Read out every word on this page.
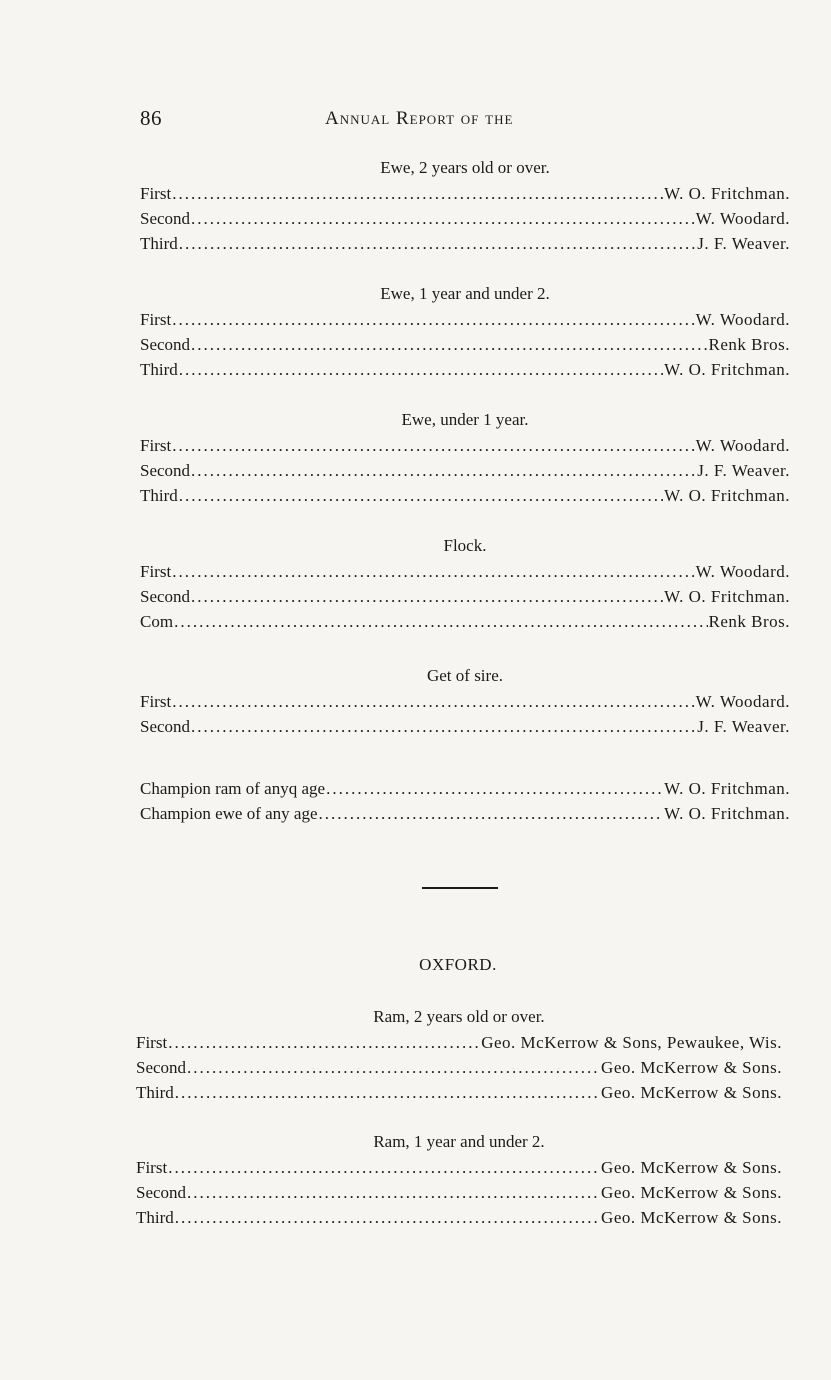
86	Annual Report of the
Ewe, 2 years old or over.
First .....	W. O. Fritchman.
Second .....	W. Woodard.
Third .....	J. F. Weaver.
Ewe, 1 year and under 2.
First .....	W. Woodard.
Second .....	Renk Bros.
Third .....	W. O. Fritchman.
Ewe, under 1 year.
First .....	W. Woodard.
Second .....	J. F. Weaver.
Third .....	W. O. Fritchman.
Flock.
First .....	W. Woodard.
Second .....	W. O. Fritchman.
Com .....	Renk Bros.
Get of sire.
First .....	W. Woodard.
Second .....	J. F. Weaver.
Champion ram of anyq age .....	W. O. Fritchman.
Champion ewe of any age .....	W. O. Fritchman.
OXFORD.
Ram, 2 years old or over.
First .....	Geo. McKerrow & Sons, Pewaukee, Wis.
Second .....	Geo. McKerrow & Sons.
Third .....	Geo. McKerrow & Sons.
Ram, 1 year and under 2.
First .....	Geo. McKerrow & Sons.
Second .....	Geo. McKerrow & Sons.
Third .....	Geo. McKerrow & Sons.
